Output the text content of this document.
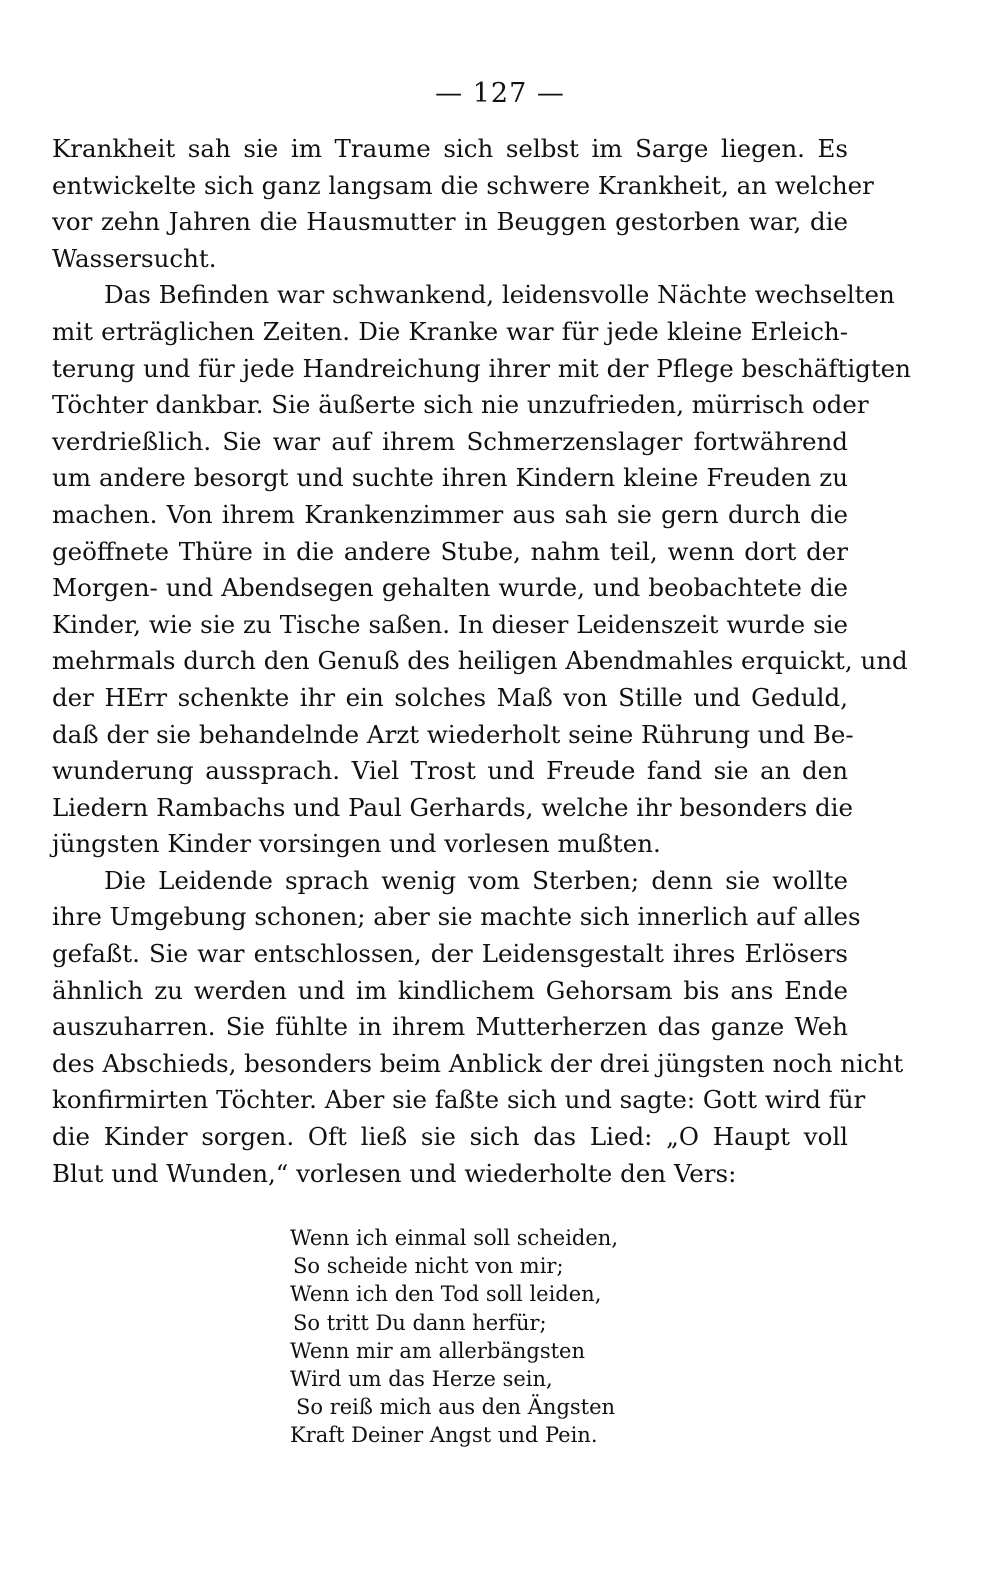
— 127 —
Krankheit sah sie im Traume sich selbst im Sarge liegen. Es
entwickelte sich ganz langsam die schwere Krankheit, an welcher
vor zehn Jahren die Hausmutter in Beuggen gestorben war, die
Wassersucht.
Das Befinden war schwankend, leidensvolle Nächte wechselten
mit erträglichen Zeiten. Die Kranke war für jede kleine Erleich-
terung und für jede Handreichung ihrer mit der Pflege beschäftigten
Töchter dankbar. Sie äußerte sich nie unzufrieden, mürrisch oder
verdrießlich. Sie war auf ihrem Schmerzenslager fortwährend
um andere besorgt und suchte ihren Kindern kleine Freuden zu
machen. Von ihrem Krankenzimmer aus sah sie gern durch die
geöffnete Thüre in die andere Stube, nahm teil, wenn dort der
Morgen- und Abendsegen gehalten wurde, und beobachtete die
Kinder, wie sie zu Tische saßen. In dieser Leidenszeit wurde sie
mehrmals durch den Genuß des heiligen Abendmahles erquickt, und
der HErr schenkte ihr ein solches Maß von Stille und Geduld,
daß der sie behandelnde Arzt wiederholt seine Rührung und Be-
wunderung aussprach. Viel Trost und Freude fand sie an den
Liedern Rambachs und Paul Gerhards, welche ihr besonders die
jüngsten Kinder vorsingen und vorlesen mußten.
Die Leidende sprach wenig vom Sterben; denn sie wollte
ihre Umgebung schonen; aber sie machte sich innerlich auf alles
gefaßt. Sie war entschlossen, der Leidensgestalt ihres Erlösers
ähnlich zu werden und im kindlichem Gehorsam bis ans Ende
auszuharren. Sie fühlte in ihrem Mutterherzen das ganze Weh
des Abschieds, besonders beim Anblick der drei jüngsten noch nicht
konfirmirten Töchter. Aber sie faßte sich und sagte: Gott wird für
die Kinder sorgen. Oft ließ sie sich das Lied: „O Haupt voll
Blut und Wunden,“ vorlesen und wiederholte den Vers:
Wenn ich einmal soll scheiden,
So scheide nicht von mir;
Wenn ich den Tod soll leiden,
So tritt Du dann herfür;
Wenn mir am allerbängsten
Wird um das Herze sein,
So reiß mich aus den Ängsten
Kraft Deiner Angst und Pein.
